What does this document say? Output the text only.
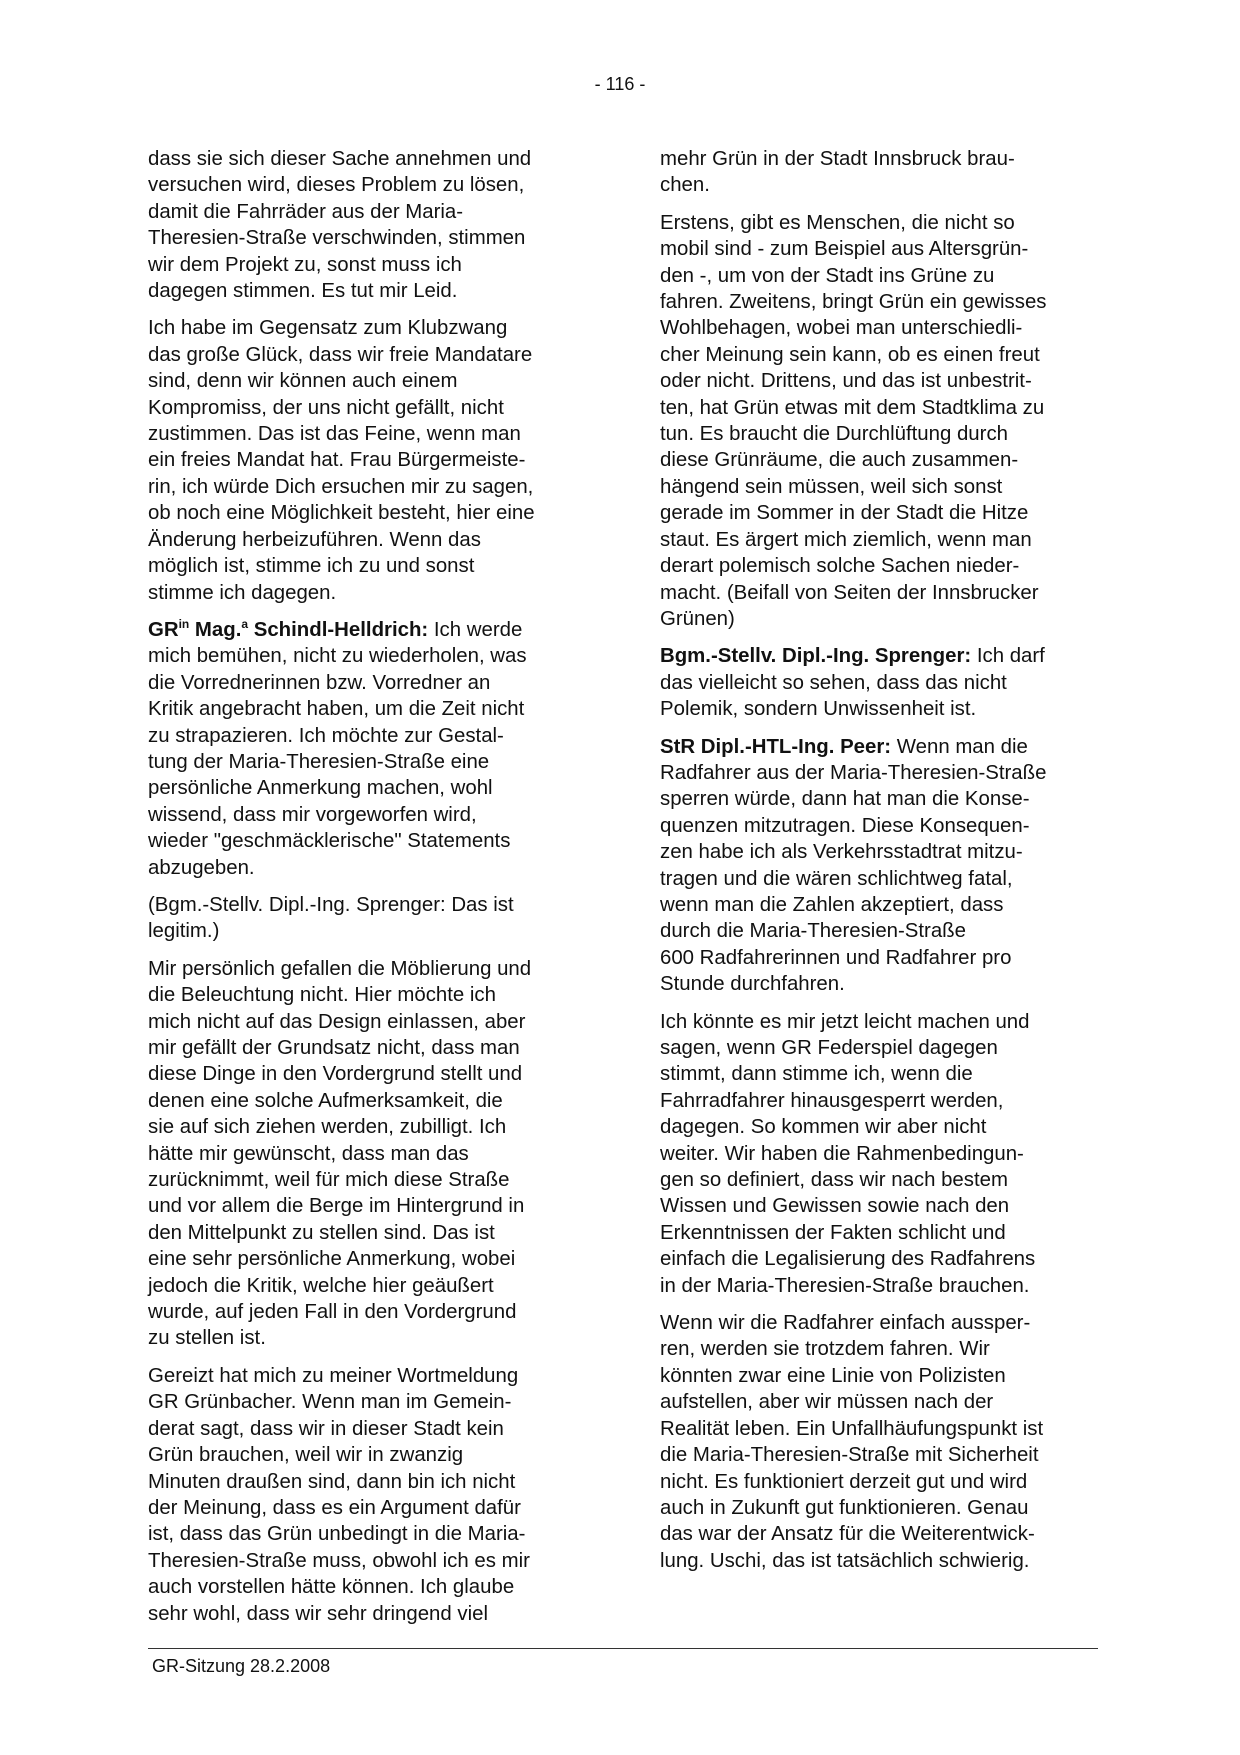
- 116 -

dass sie sich dieser Sache annehmen und
versuchen wird, dieses Problem zu lösen,
damit die Fahrräder aus der Maria-
Theresien-Straße verschwinden, stimmen
wir dem Projekt zu, sonst muss ich
dagegen stimmen. Es tut mir Leid.

Ich habe im Gegensatz zum Klubzwang
das große Glück, dass wir freie Mandatare
sind, denn wir können auch einem
Kompromiss, der uns nicht gefällt, nicht
zustimmen. Das ist das Feine, wenn man
ein freies Mandat hat. Frau Bürgermeiste-
rin, ich würde Dich ersuchen mir zu sagen,
ob noch eine Möglichkeit besteht, hier eine
Änderung herbeizuführen. Wenn das
möglich ist, stimme ich zu und sonst
stimme ich dagegen.

$GR^{in}$ Mag.$^a$ Schindl-Helldrich: Ich werde
mich bemühen, nicht zu wiederholen, was
die Vorrednerinnen bzw. Vorredner an
Kritik angebracht haben, um die Zeit nicht
zu strapazieren. Ich möchte zur Gestal-
tung der Maria-Theresien-Straße eine
persönliche Anmerkung machen, wohl
wissend, dass mir vorgeworfen wird,
wieder "geschmäcklerische" Statements
abzugeben.

(Bgm.-Stellv. Dipl.-Ing. Sprenger: Das ist
legitim.)

Mir persönlich gefallen die Möblierung und
die Beleuchtung nicht. Hier möchte ich
mich nicht auf das Design einlassen, aber
mir gefällt der Grundsatz nicht, dass man
diese Dinge in den Vordergrund stellt und
denen eine solche Aufmerksamkeit, die
sie auf sich ziehen werden, zubilligt. Ich
hätte mir gewünscht, dass man das
zurücknimmt, weil für mich diese Straße
und vor allem die Berge im Hintergrund in
den Mittelpunkt zu stellen sind. Das ist
eine sehr persönliche Anmerkung, wobei
jedoch die Kritik, welche hier geäußert
wurde, auf jeden Fall in den Vordergrund
zu stellen ist.

Gereizt hat mich zu meiner Wortmeldung
GR Grünbacher. Wenn man im Gemein-
derat sagt, dass wir in dieser Stadt kein
Grün brauchen, weil wir in zwanzig
Minuten draußen sind, dann bin ich nicht
der Meinung, dass es ein Argument dafür
ist, dass das Grün unbedingt in die Maria-
Theresien-Straße muss, obwohl ich es mir
auch vorstellen hätte können. Ich glaube
sehr wohl, dass wir sehr dringend viel

mehr Grün in der Stadt Innsbruck brau-
chen.

Erstens, gibt es Menschen, die nicht so
mobil sind - zum Beispiel aus Altersgrün-
den -, um von der Stadt ins Grüne zu
fahren. Zweitens, bringt Grün ein gewisses
Wohlbehagen, wobei man unterschiedli-
cher Meinung sein kann, ob es einen freut
oder nicht. Drittens, und das ist unbestrit-
ten, hat Grün etwas mit dem Stadtklima zu
tun. Es braucht die Durchlüftung durch
diese Grünräume, die auch zusammen-
hängend sein müssen, weil sich sonst
gerade im Sommer in der Stadt die Hitze
staut. Es ärgert mich ziemlich, wenn man
derart polemisch solche Sachen nieder-
macht. (Beifall von Seiten der Innsbrucker
Grünen)

Bgm.-Stellv. Dipl.-Ing. Sprenger: Ich darf
das vielleicht so sehen, dass das nicht
Polemik, sondern Unwissenheit ist.

StR Dipl.-HTL-Ing. Peer: Wenn man die
Radfahrer aus der Maria-Theresien-Straße
sperren würde, dann hat man die Konse-
quenzen mitzutragen. Diese Konsequen-
zen habe ich als Verkehrsstadtrat mitzu-
tragen und die wären schlichtweg fatal,
wenn man die Zahlen akzeptiert, dass
durch die Maria-Theresien-Straße
600 Radfahrerinnen und Radfahrer pro
Stunde durchfahren.

Ich könnte es mir jetzt leicht machen und
sagen, wenn GR Federspiel dagegen
stimmt, dann stimme ich, wenn die
Fahrradfahrer hinausgesperrt werden,
dagegen. So kommen wir aber nicht
weiter. Wir haben die Rahmenbedingun-
gen so definiert, dass wir nach bestem
Wissen und Gewissen sowie nach den
Erkenntnissen der Fakten schlicht und
einfach die Legalisierung des Radfahrens
in der Maria-Theresien-Straße brauchen.

Wenn wir die Radfahrer einfach aussper-
ren, werden sie trotzdem fahren. Wir
könnten zwar eine Linie von Polizisten
aufstellen, aber wir müssen nach der
Realität leben. Ein Unfallhäufungspunkt ist
die Maria-Theresien-Straße mit Sicherheit
nicht. Es funktioniert derzeit gut und wird
auch in Zukunft gut funktionieren. Genau
das war der Ansatz für die Weiterentwick-
lung. Uschi, das ist tatsächlich schwierig.

GR-Sitzung 28.2.2008
